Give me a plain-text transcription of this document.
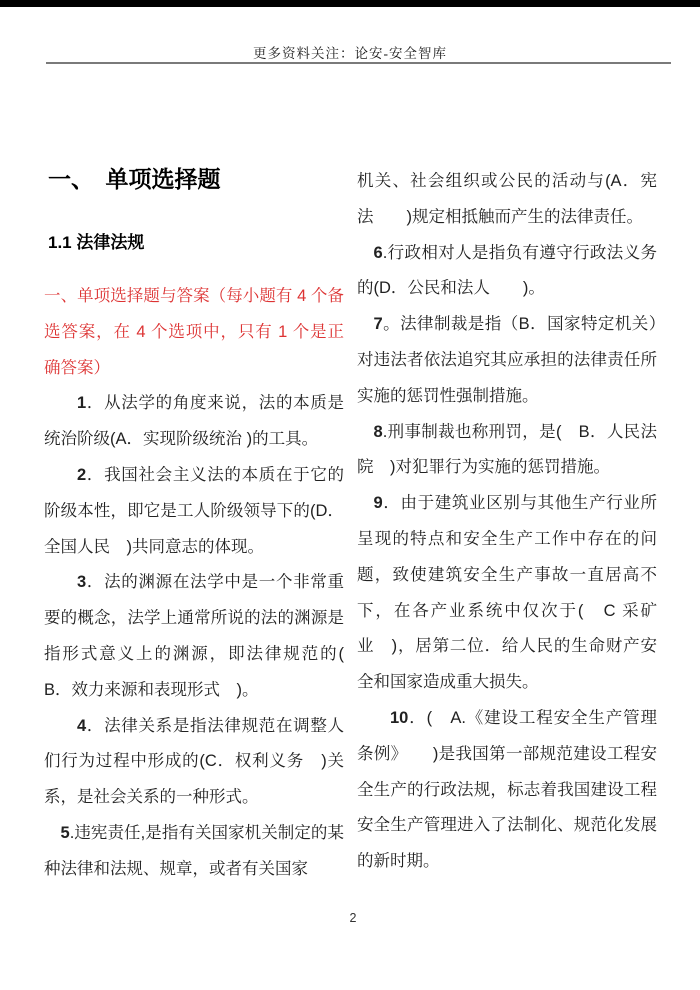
更多资料关注：论安-安全智库
一、　单项选择题
1.1 法律法规

一、单项选择题与答案（每小题有 4 个备选答案，在 4 个选项中，只有 1 个是正确答案）

1．从法学的角度来说，法的本质是统治阶级(A．实现阶级统治 )的工具。

2．我国社会主义法的本质在于它的阶级本性，即它是工人阶级领导下的(D．全国人民　)共同意志的体现。

3．法的渊源在法学中是一个非常重要的概念，法学上通常所说的法的渊源是指形式意义上的渊源，即法律规范的(　B．效力来源和表现形式　)。

4．法律关系是指法律规范在调整人们行为过程中形成的(C．权利义务　)关系，是社会关系的一种形式。

5.违宪责任,是指有关国家机关制定的某种法律和法规、规章，或者有关国家

机关、社会组织或公民的活动与(A．宪法　　)规定相抵触而产生的法律责任。

6.行政相对人是指负有遵守行政法义务的(D．公民和法人　　)。

7。法律制裁是指（B．国家特定机关）对违法者依法追究其应承担的法律责任所实施的惩罚性强制措施。

8.刑事制裁也称刑罚，是(　B．人民法院　)对犯罪行为实施的惩罚措施。

9．由于建筑业区别与其他生产行业所呈现的特点和安全生产工作中存在的问题，致使建筑安全生产事故一直居高不下，在各产业系统中仅次于(　C 采矿业　)，居第二位．给人民的生命财产安全和国家造成重大损失。

10．(　A.《建设工程安全生产管理条例》　　)是我国第一部规范建设工程安全生产的行政法规，标志着我国建设工程安全生产管理进入了法制化、规范化发展的新时期。

2
